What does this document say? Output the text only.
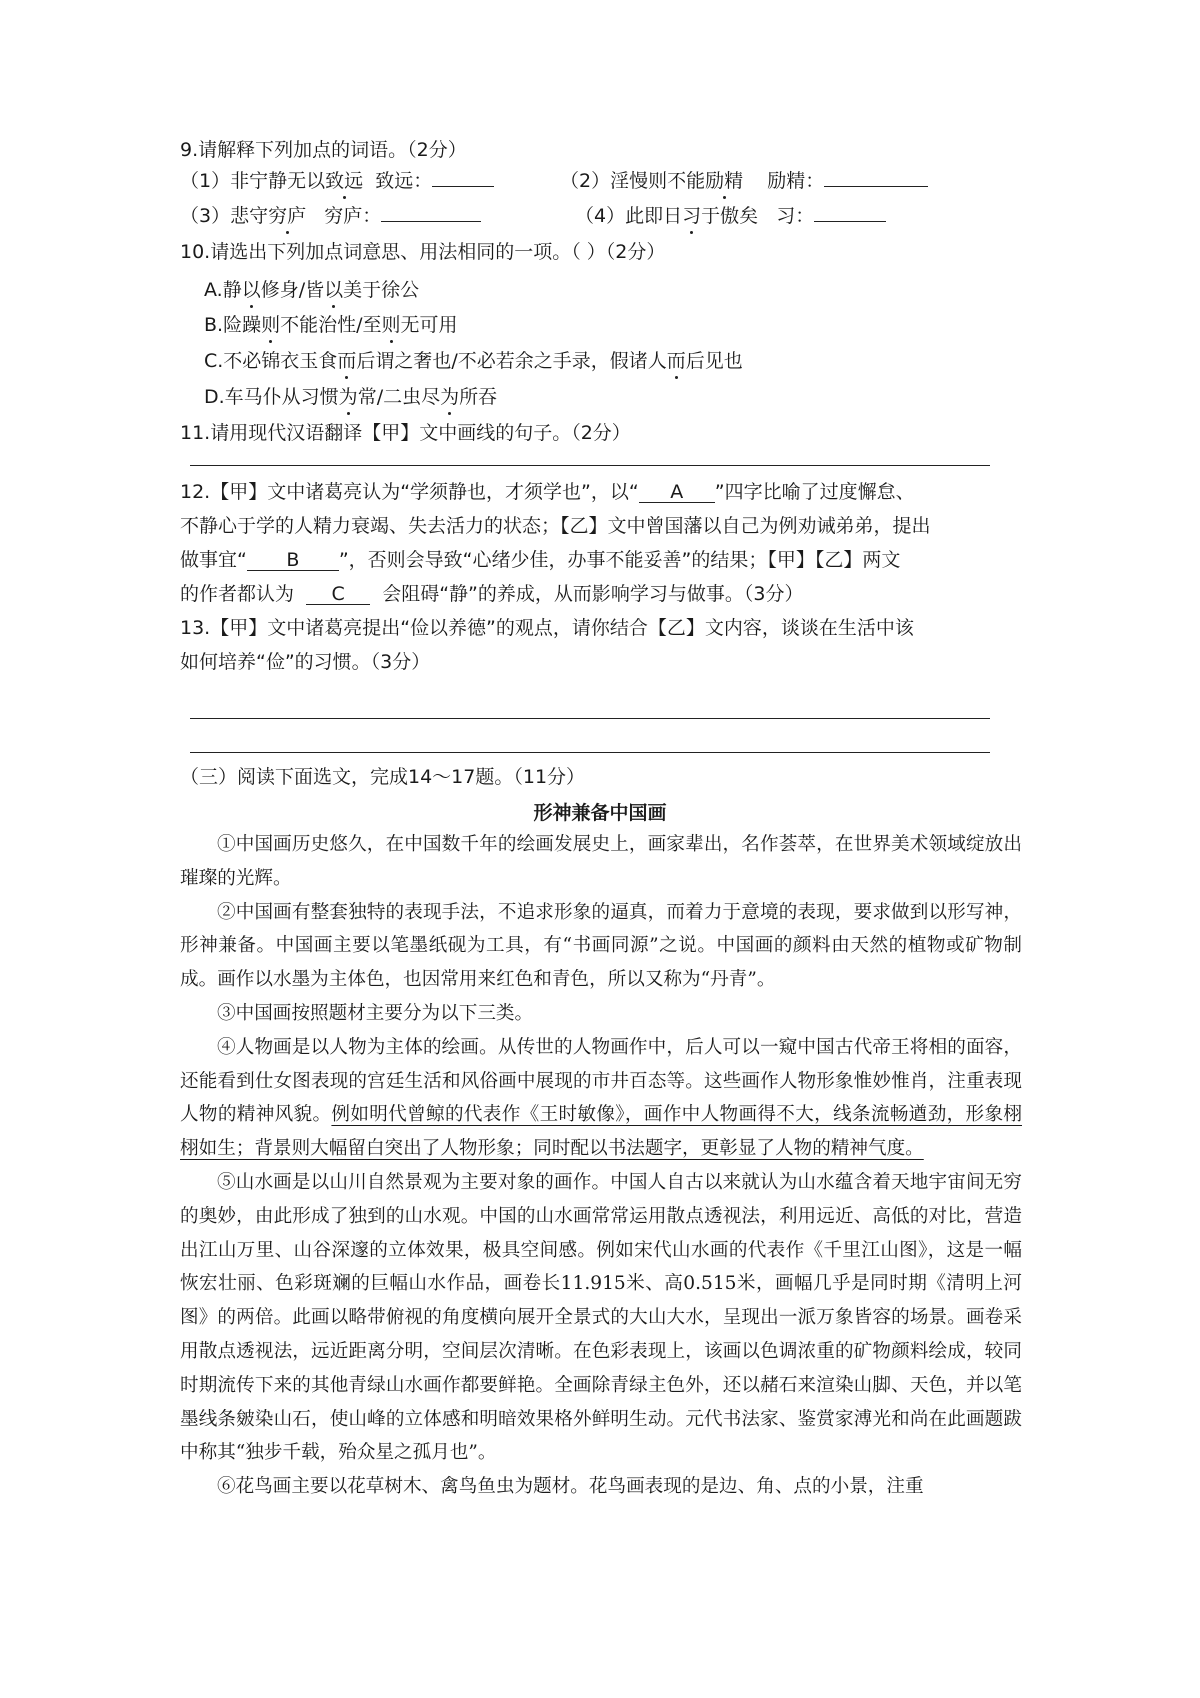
9.请解释下列加点的词语。（2分）
（1）非宁静无以致远 致远：	（2）淫慢则不能励精 励精：
（3）悲守穷庐 穷庐：	（4）此即日习于傲矣 习：
10.请选出下列加点词意思、用法相同的一项。（ ）（2分）
A.静以修身/皆以美于徐公
B.险躁则不能治性/至则无可用
C.不必锦衣玉食而后谓之奢也/不必若余之手录，假诸人而后见也
D.车马仆从习惯为常/二虫尽为所吞
11.请用现代汉语翻译【甲】文中画线的句子。（2分）
12.【甲】文中诸葛亮认为“学须静也，才须学也”，以“ A ”四字比喻了过度懈怠、
不静心于学的人精力衰竭、失去活力的状态；【乙】文中曾国藩以自己为例劝诫弟弟，提出
做事宜“ B ”，否则会导致“心绪少佳，办事不能妥善”的结果；【甲】【乙】两文
的作者都认为 C 会阻碍“静”的养成，从而影响学习与做事。（3分）
13.【甲】文中诸葛亮提出“俭以养德”的观点，请你结合【乙】文内容，谈谈在生活中该
如何培养“俭”的习惯。（3分）
（三）阅读下面选文，完成14～17题。（11分）
形神兼备中国画

①中国画历史悠久，在中国数千年的绘画发展史上，画家辈出，名作荟萃，在世界美术领域绽放出璀璨的光辉。

②中国画有整套独特的表现手法，不追求形象的逼真，而着力于意境的表现，要求做到以形写神，形神兼备。中国画主要以笔墨纸砚为工具，有“书画同源”之说。中国画的颜料由天然的植物或矿物制成。画作以水墨为主体色，也因常用来红色和青色，所以又称为“丹青”。

③中国画按照题材主要分为以下三类。

④人物画是以人物为主体的绘画。从传世的人物画作中，后人可以一窥中国古代帝王将相的面容，还能看到仕女图表现的宫廷生活和风俗画中展现的市井百态等。这些画作人物形象惟妙惟肖，注重表现人物的精神风貌。例如明代曾鲸的代表作《王时敏像》，画作中人物画得不大，线条流畅遒劲，形象栩栩如生；背景则大幅留白突出了人物形象；同时配以书法题字，更彰显了人物的精神气度。

⑤山水画是以山川自然景观为主要对象的画作。中国人自古以来就认为山水蕴含着天地宇宙间无穷的奥妙，由此形成了独到的山水观。中国的山水画常常运用散点透视法，利用远近、高低的对比，营造出江山万里、山谷深邃的立体效果，极具空间感。例如宋代山水画的代表作《千里江山图》，这是一幅恢宏壮丽、色彩斑斓的巨幅山水作品，画卷长11.915米、高0.515米，画幅几乎是同时期《清明上河图》的两倍。此画以略带俯视的角度横向展开全景式的大山大水，呈现出一派万象皆容的场景。画卷采用散点透视法，远近距离分明，空间层次清晰。在色彩表现上，该画以色调浓重的矿物颜料绘成，较同时期流传下来的其他青绿山水画作都要鲜艳。全画除青绿主色外，还以赭石来渲染山脚、天色，并以笔墨线条皴染山石，使山峰的立体感和明暗效果格外鲜明生动。元代书法家、鉴赏家溥光和尚在此画题跋中称其“独步千载，殆众星之孤月也”。

⑥花鸟画主要以花草树木、禽鸟鱼虫为题材。花鸟画表现的是边、角、点的小景，注重
